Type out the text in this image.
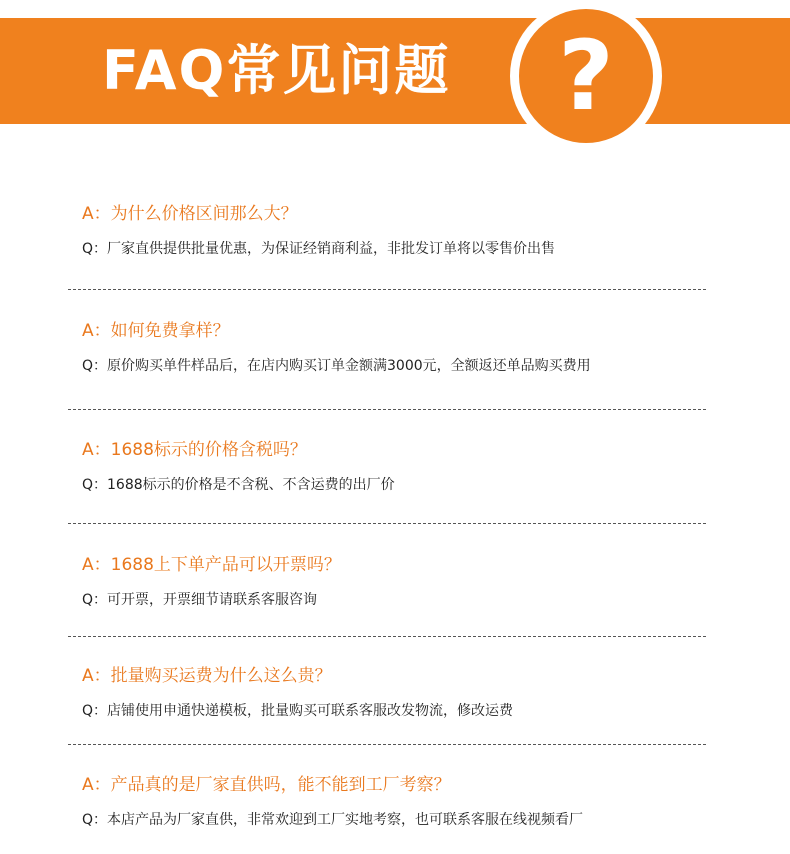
FAQ常见问题	?
A：为什么价格区间那么大？
Q：厂家直供提供批量优惠，为保证经销商利益，非批发订单将以零售价出售
A：如何免费拿样？
Q：原价购买单件样品后，在店内购买订单金额满3000元，全额返还单品购买费用
A：1688标示的价格含税吗？
Q：1688标示的价格是不含税、不含运费的出厂价
A：1688上下单产品可以开票吗？
Q：可开票，开票细节请联系客服咨询
A：批量购买运费为什么这么贵？
Q：店铺使用申通快递模板，批量购买可联系客服改发物流，修改运费
A：产品真的是厂家直供吗，能不能到工厂考察？
Q：本店产品为厂家直供，非常欢迎到工厂实地考察，也可联系客服在线视频看厂
